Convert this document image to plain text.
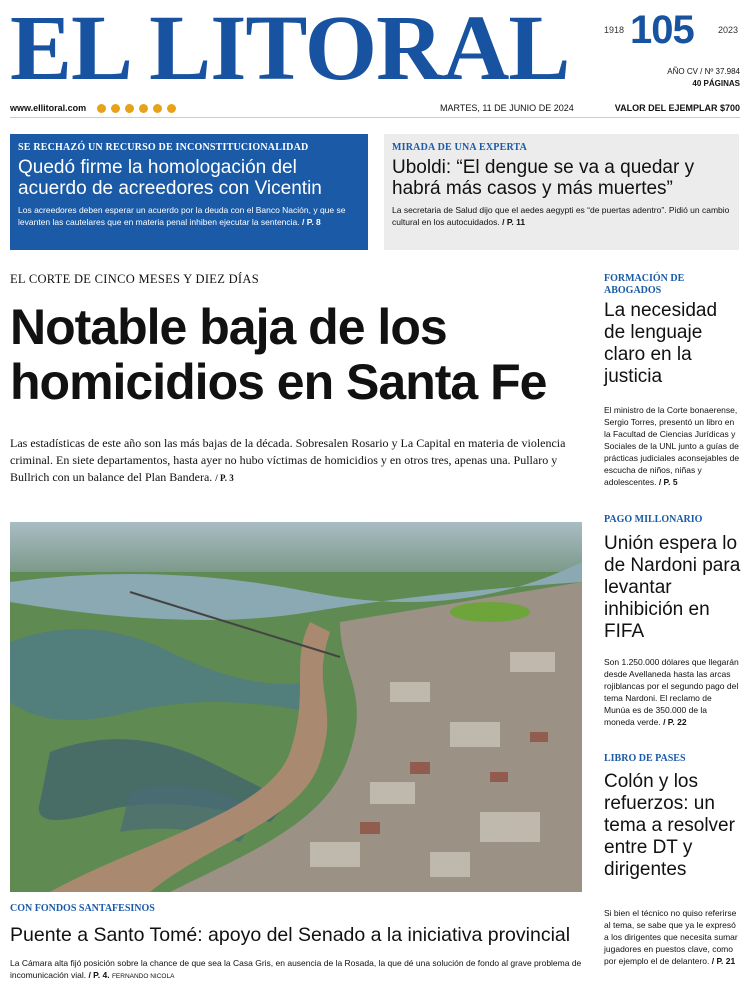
EL LITORAL	1918 105	2023
AÑO CV / Nº 37.984
40 PÁGINAS
www.ellitoral.com	MARTES, 11 DE JUNIO DE 2024	VALOR DEL EJEMPLAR $700
SE RECHAZÓ UN RECURSO DE INCONSTITUCIONALIDAD
Quedó firme la homologación del acuerdo de acreedores con Vicentin
Los acreedores deben esperar un acuerdo por la deuda con el Banco Nación, y que se levanten las cautelares que en materia penal inhiben ejecutar la sentencia. / P. 8
MIRADA DE UNA EXPERTA
Uboldi: “El dengue se va a quedar y habrá más casos y más muertes”
La secretaria de Salud dijo que el aedes aegypti es “de puertas adentro”. Pidió un cambio cultural en los autocuidados. / P. 11
EL CORTE DE CINCO MESES Y DIEZ DÍAS
Notable baja de los homicidios en Santa Fe
Las estadísticas de este año son las más bajas de la década. Sobresalen Rosario y La Capital en materia de violencia criminal. En siete departamentos, hasta ayer no hubo víctimas de homicidios y en otros tres, apenas una. Pullaro y Bullrich con un balance del Plan Bandera. / P. 3
CON FONDOS SANTAFESINOS
Puente a Santo Tomé: apoyo del Senado a la iniciativa provincial
La Cámara alta fijó posición sobre la chance de que sea la Casa Gris, en ausencia de la Rosada, la que dé una solución de fondo al grave problema de incomunicación vial. / P. 4. FERNANDO NICOLA
FORMACIÓN DE ABOGADOS
La necesidad de lenguaje claro en la justicia
El ministro de la Corte bonaerense, Sergio Torres, presentó un libro en la Facultad de Ciencias Jurídicas y Sociales de la UNL junto a guías de prácticas judiciales aconsejables de escucha de niños, niñas y adolescentes. / P. 5
PAGO MILLONARIO
Unión espera lo de Nardoni para levantar inhibición en FIFA
Son 1.250.000 dólares que llegarán desde Avellaneda hasta las arcas rojiblancas por el segundo pago del tema Nardoni. El reclamo de Munúa es de 350.000 de la moneda verde. / P. 22
LIBRO DE PASES
Colón y los refuerzos: un tema a resolver entre DT y dirigentes
Si bien el técnico no quiso referirse al tema, se sabe que ya le expresó a los dirigentes que necesita sumar jugadores en puestos clave, como por ejemplo el de delantero. / P. 21
